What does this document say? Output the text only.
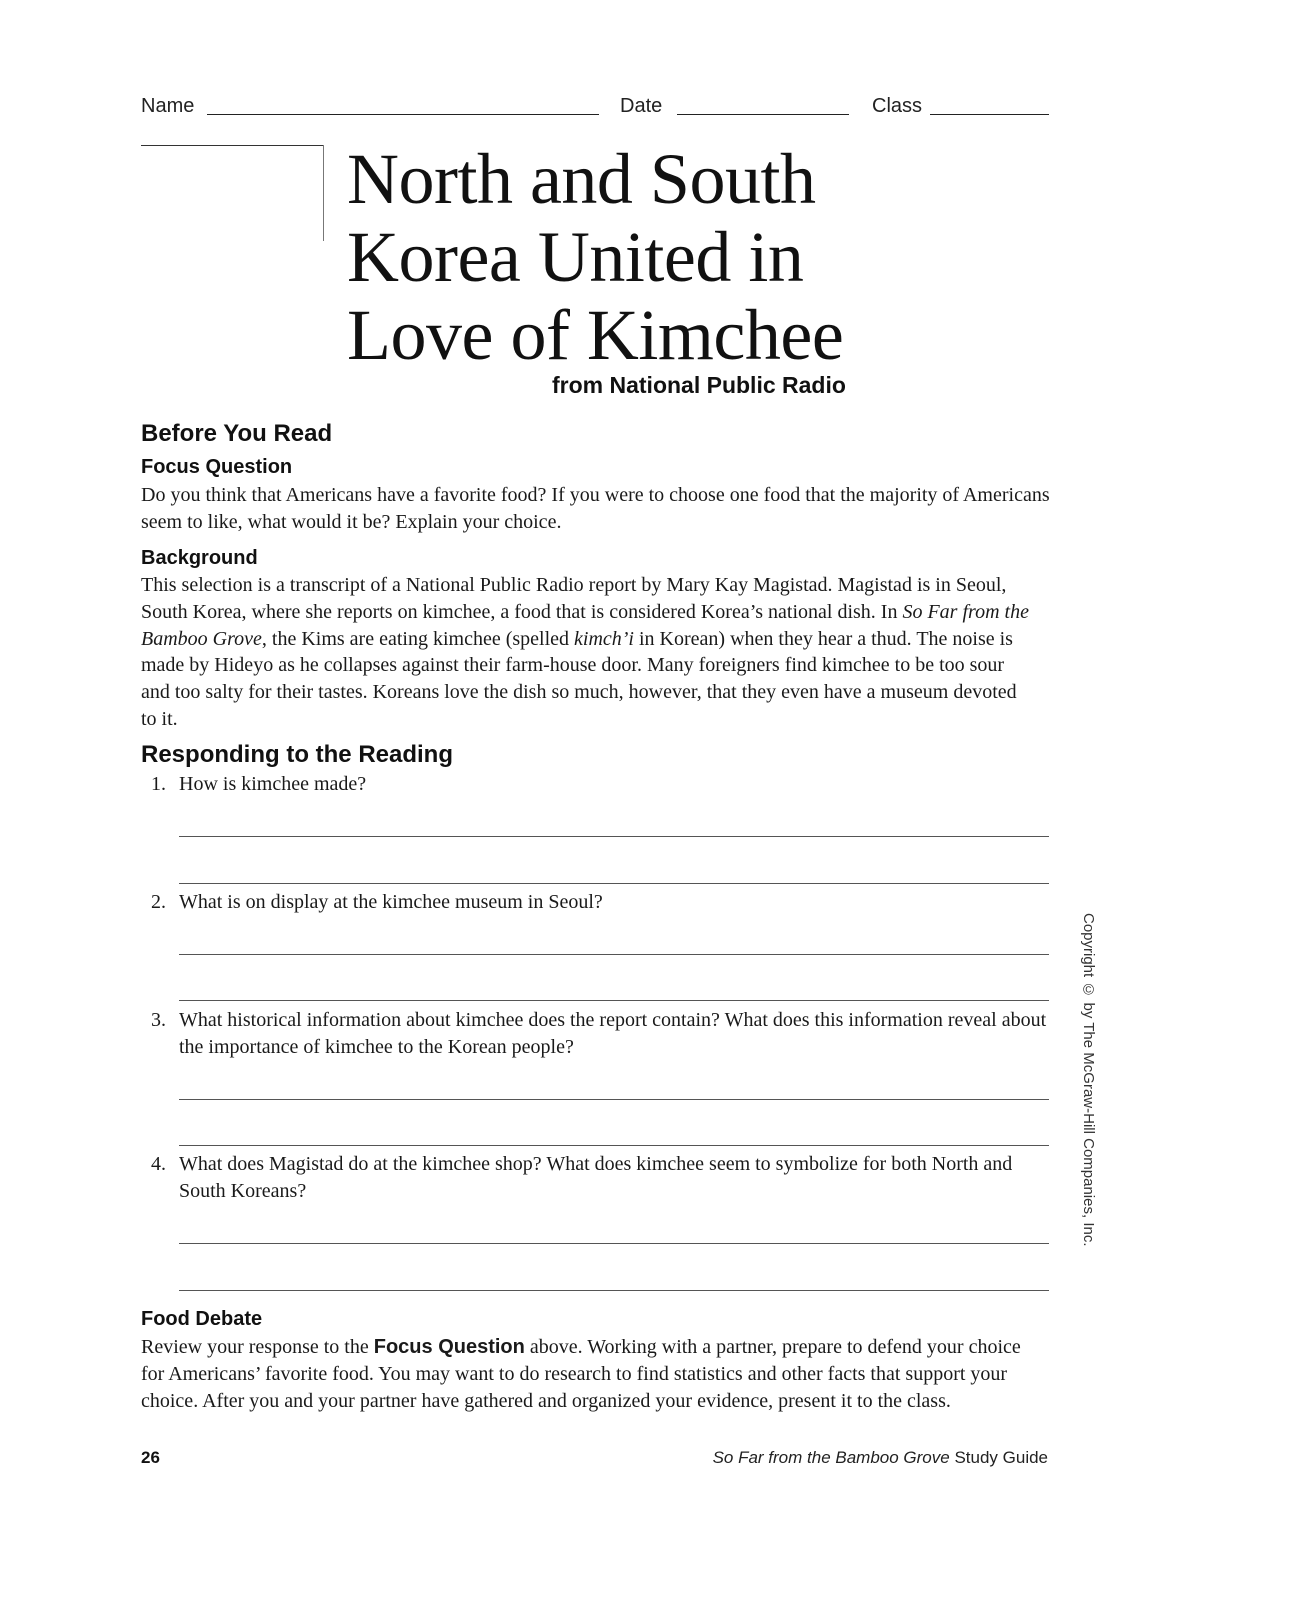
Name	Date	Class
North and South
Korea United in
Love of Kimchee
from National Public Radio
Before You Read
Focus Question
Do you think that Americans have a favorite food? If you were to choose one food that the majority of Americans seem to like, what would it be? Explain your choice.
Background
This selection is a transcript of a National Public Radio report by Mary Kay Magistad. Magistad is in Seoul, South Korea, where she reports on kimchee, a food that is considered Korea’s national dish. In So Far from the Bamboo Grove, the Kims are eating kimchee (spelled kimch’i in Korean) when they hear a thud. The noise is made by Hideyo as he collapses against their farm-house door. Many foreigners find kimchee to be too sour and too salty for their tastes. Koreans love the dish so much, however, that they even have a museum devoted to it.
Responding to the Reading
1. How is kimchee made?
2. What is on display at the kimchee museum in Seoul?
3. What historical information about kimchee does the report contain? What does this information reveal about the importance of kimchee to the Korean people?
4. What does Magistad do at the kimchee shop? What does kimchee seem to symbolize for both North and South Koreans?
Food Debate
Review your response to the Focus Question above. Working with a partner, prepare to defend your choice for Americans’ favorite food. You may want to do research to find statistics and other facts that support your choice. After you and your partner have gathered and organized your evidence, present it to the class.
26	So Far from the Bamboo Grove Study Guide
Copyright © by The McGraw-Hill Companies, Inc.
